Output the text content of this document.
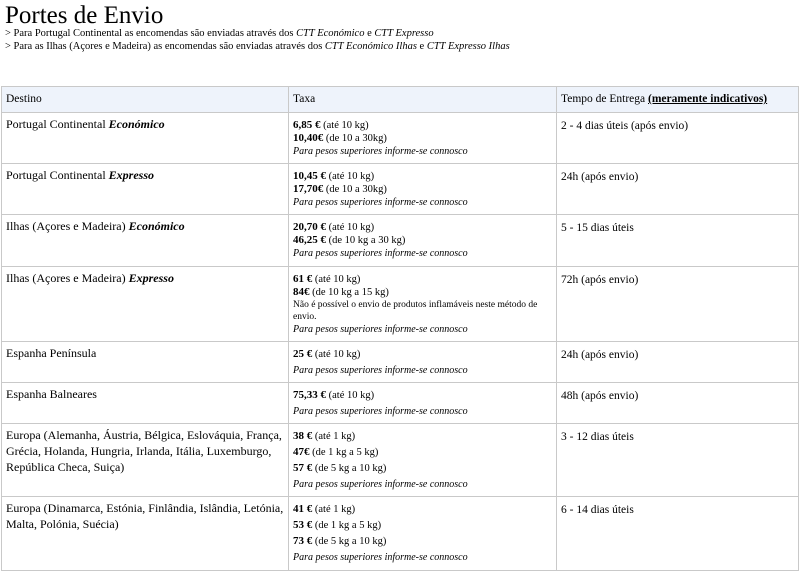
Portes de Envio
> Para Portugal Continental as encomendas são enviadas através dos CTT Económico e CTT Expresso
> Para as Ilhas (Açores e Madeira) as encomendas são enviadas através dos CTT Económico Ilhas e CTT Expresso Ilhas
Destino	Taxa	Tempo de Entrega (meramente indicativos)
Portugal Continental Económico	6,85 € (até 10 kg)
10,40€ (de 10 a 30kg)
Para pesos superiores informe-se connosco	2 - 4 dias úteis (após envio)
Portugal Continental Expresso	10,45 € (até 10 kg)
17,70€ (de 10 a 30kg)
Para pesos superiores informe-se connosco	24h (após envio)
Ilhas (Açores e Madeira) Económico	20,70 € (até 10 kg)
46,25 € (de 10 kg a 30 kg)
Para pesos superiores informe-se connosco	5 - 15 dias úteis
Ilhas (Açores e Madeira) Expresso	61 € (até 10 kg)
84€ (de 10 kg a 15 kg)
Não é possível o envio de produtos inflamáveis neste método de envio.
Para pesos superiores informe-se connosco	72h (após envio)
Espanha Península	25 € (até 10 kg)
Para pesos superiores informe-se connosco	24h (após envio)
Espanha Balneares	75,33 € (até 10 kg)
Para pesos superiores informe-se connosco	48h (após envio)
Europa (Alemanha, Áustria, Bélgica, Eslováquia, França, Grécia, Holanda, Hungria, Irlanda, Itália, Luxemburgo, República Checa, Suiça)	38 € (até 1 kg)
47€ (de 1 kg a 5 kg)
57 € (de 5 kg a 10 kg)
Para pesos superiores informe-se connosco	3 - 12 dias úteis
Europa (Dinamarca, Estónia, Finlândia, Islândia, Letónia, Malta, Polónia, Suécia)	41 € (até 1 kg)
53 € (de 1 kg a 5 kg)
73 € (de 5 kg a 10 kg)
Para pesos superiores informe-se connosco	6 - 14 dias úteis
